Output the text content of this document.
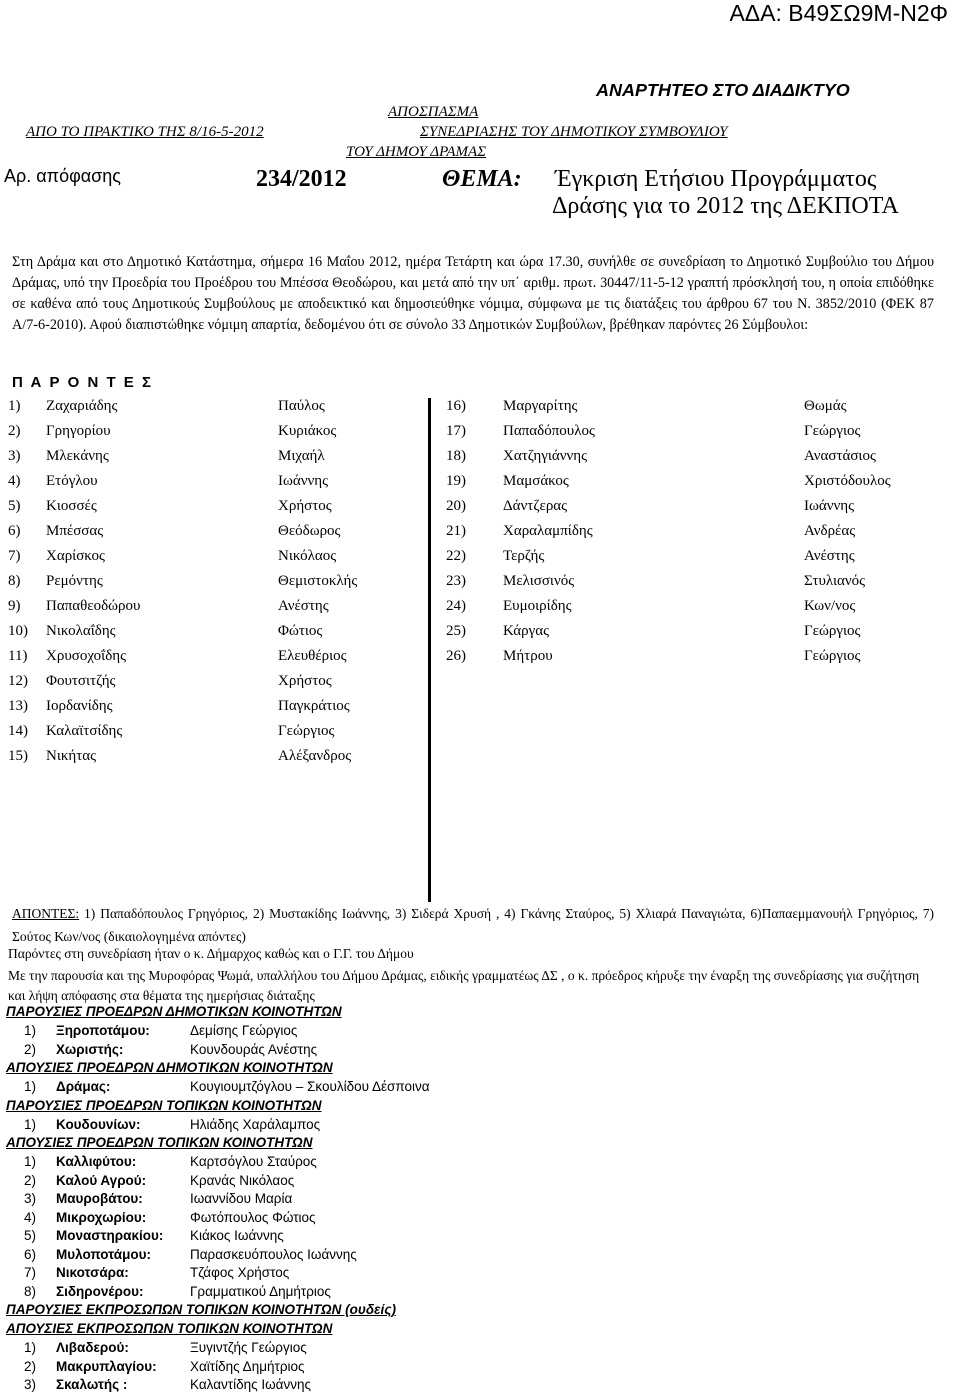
ΑΔΑ: Β49ΣΩ9Μ-Ν2Φ
ΑΝΑΡΤΗΤΕΟ ΣΤΟ ΔΙΑΔΙΚΤΥΟ
ΑΠΟΣΠΑΣΜΑ
ΑΠΟ ΤΟ ΠΡΑΚΤΙΚΟ ΤΗΣ 8/16-5-2012	ΣΥΝΕΔΡΙΑΣΗΣ ΤΟΥ ΔΗΜΟΤΙΚΟΥ ΣΥΜΒΟΥΛΙΟΥ
ΤΟΥ ΔΗΜΟΥ ΔΡΑΜΑΣ
Αρ. απόφασης	234/2012	ΘΕΜΑ: Έγκριση Ετήσιου Προγράμματος
Δράσης για το 2012 της ΔΕΚΠΟΤΑ
Στη Δράμα και στο Δημοτικό Κατάστημα, σήμερα 16 Μαΐου 2012, ημέρα Τετάρτη και ώρα 17.30, συνήλθε σε συνεδρίαση το Δημοτικό Συμβούλιο του Δήμου Δράμας, υπό την Προεδρία του Προέδρου του Μπέσσα Θεοδώρου, και μετά από την υπ΄ αριθμ. πρωτ. 30447/11-5-12 γραπτή πρόσκλησή του, η οποία επιδόθηκε σε καθένα από τους Δημοτικούς Συμβούλους με αποδεικτικό και δημοσιεύθηκε νόμιμα, σύμφωνα με τις διατάξεις του άρθρου 67 του Ν. 3852/2010 (ΦΕΚ 87 Α/7-6-2010). Αφού διαπιστώθηκε νόμιμη απαρτία, δεδομένου ότι σε σύνολο 33 Δημοτικών Συμβούλων, βρέθηκαν παρόντες 26 Σύμβουλοι:
Π Α Ρ Ο Ν Τ Ε Σ
1) Ζαχαριάδης	Παύλος
2) Γρηγορίου	Κυριάκος
3) Μλεκάνης	Μιχαήλ
4) Ετόγλου	Ιωάννης
5) Κιοσσές	Χρήστος
6) Μπέσσας	Θεόδωρος
7) Χαρίσκος	Νικόλαος
8) Ρεμόντης	Θεμιστοκλής
9) Παπαθεοδώρου	Ανέστης
10) Νικολαΐδης	Φώτιος
11) Χρυσοχοΐδης	Ελευθέριος
12) Φουτσιτζής	Χρήστος
13) Ιορδανίδης	Παγκράτιος
14) Καλαϊτσίδης	Γεώργιος
15) Νικήτας	Αλέξανδρος
16) Μαργαρίτης	Θωμάς
17) Παπαδόπουλος	Γεώργιος
18) Χατζηγιάννης	Αναστάσιος
19) Μαμσάκος	Χριστόδουλος
20) Δάντζερας	Ιωάννης
21) Χαραλαμπίδης	Ανδρέας
22) Τερζής	Ανέστης
23) Μελισσινός	Στυλιανός
24) Ευμοιρίδης	Κων/νος
25) Κάργας	Γεώργιος
26) Μήτρου	Γεώργιος
ΑΠΟΝΤΕΣ: 1) Παπαδόπουλος Γρηγόριος, 2) Μυστακίδης Ιωάννης, 3) Σιδερά Χρυσή , 4) Γκάνης Σταύρος, 5) Χλιαρά Παναγιώτα, 6)Παπαεμμανουήλ Γρηγόριος, 7) Σούτος Κων/νος (δικαιολογημένα απόντες)
Παρόντες στη συνεδρίαση ήταν ο κ. Δήμαρχος καθώς και ο Γ.Γ. του Δήμου
Με την παρουσία και της Μυροφόρας Ψωμά, υπαλλήλου του Δήμου Δράμας, ειδικής γραμματέως ΔΣ , ο κ. πρόεδρος κήρυξε την έναρξη της συνεδρίασης για συζήτηση και λήψη απόφασης στα θέματα της ημερήσιας διάταξης
ΠΑΡΟΥΣΙΕΣ ΠΡΟΕΔΡΩΝ ΔΗΜΟΤΙΚΩΝ ΚΟΙΝΟΤΗΤΩΝ
1) Ξηροποτάμου:	Δεμίσης Γεώργιος
2) Χωριστής:	Κουνδουράς Ανέστης
ΑΠΟΥΣΙΕΣ ΠΡΟΕΔΡΩΝ ΔΗΜΟΤΙΚΩΝ ΚΟΙΝΟΤΗΤΩΝ
1) Δράμας:	Κουγιουμτζόγλου – Σκουλίδου Δέσποινα
ΠΑΡΟΥΣΙΕΣ ΠΡΟΕΔΡΩΝ ΤΟΠΙΚΩΝ ΚΟΙΝΟΤΗΤΩΝ
1) Κουδουνίων:	Ηλιάδης Χαράλαμπος
ΑΠΟΥΣΙΕΣ ΠΡΟΕΔΡΩΝ ΤΟΠΙΚΩΝ ΚΟΙΝΟΤΗΤΩΝ
1) Καλλιφύτου:	Καρτσόγλου Σταύρος
2) Καλού Αγρού:	Κρανάς Νικόλαος
3) Μαυροβάτου:	Ιωαννίδου Μαρία
4) Μικροχωρίου:	Φωτόπουλος Φώτιος
5) Μοναστηρακίου: Κιάκος Ιωάννης
6) Μυλοποτάμου:	Παρασκευόπουλος Ιωάννης
7) Νικοτσάρα:	Τζάφος Χρήστος
8) Σιδηρονέρου:	Γραμματικού Δημήτριος
ΠΑΡΟΥΣΙΕΣ ΕΚΠΡΟΣΩΠΩΝ ΤΟΠΙΚΩΝ ΚΟΙΝΟΤΗΤΩΝ (ουδείς)
ΑΠΟΥΣΙΕΣ ΕΚΠΡΟΣΩΠΩΝ ΤΟΠΙΚΩΝ ΚΟΙΝΟΤΗΤΩΝ
1) Λιβαδερού:	Ξυγιντζής Γεώργιος
2) Μακρυπλαγίου: Χαϊτίδης Δημήτριος
3) Σκαλωτής :	Καλαντίδης Ιωάννης
